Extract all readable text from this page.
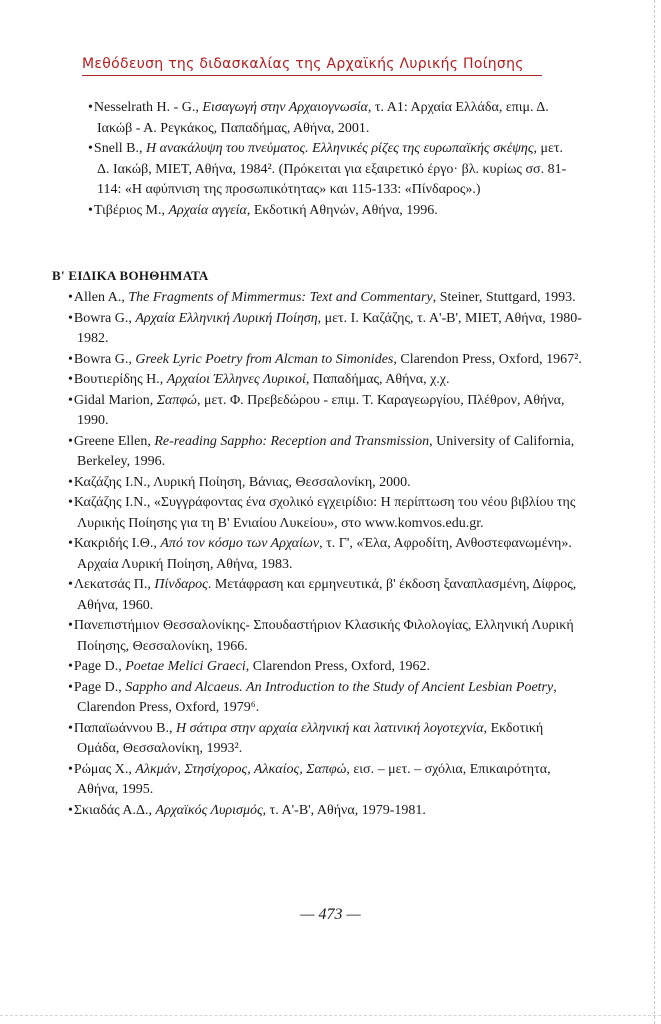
Μεθόδευση της διδασκαλίας της Αρχαϊκής Λυρικής Ποίησης
• Nesselrath H. - G., Εισαγωγή στην Αρχαιογνωσία, τ. Α1: Αρχαία Ελλάδα, επιμ. Δ. Ιακώβ - Α. Ρεγκάκος, Παπαδήμας, Αθήνα, 2001.
• Snell B., Η ανακάλυψη του πνεύματος. Ελληνικές ρίζες της ευρωπαϊκής σκέψης, μετ. Δ. Ιακώβ, ΜΙΕΤ, Αθήνα, 1984². (Πρόκειται για εξαιρετικό έργο· βλ. κυρίως σσ. 81-114: «Η αφύπνιση της προσωπικότητας» και 115-133: «Πίνδαρος».)
• Τιβέριος Μ., Αρχαία αγγεία, Εκδοτική Αθηνών, Αθήνα, 1996.
Β' ΕΙΔΙΚΑ ΒΟΗΘΗΜΑΤΑ
• Allen A., The Fragments of Mimmermus: Text and Commentary, Steiner, Stuttgard, 1993.
• Bowra G., Αρχαία Ελληνική Λυρική Ποίηση, μετ. Ι. Καζάζης, τ. Α'-Β', ΜΙΕΤ, Αθήνα, 1980-1982.
• Bowra G., Greek Lyric Poetry from Alcman to Simonides, Clarendon Press, Oxford, 1967².
• Βουτιερίδης Η., Αρχαίοι Έλληνες Λυρικοί, Παπαδήμας, Αθήνα, χ.χ.
• Gidal Marion, Σαπφώ, μετ. Φ. Πρεβεδώρου - επιμ. Τ. Καραγεωργίου, Πλέθρον, Αθήνα, 1990.
• Greene Ellen, Re-reading Sappho: Reception and Transmission, University of California, Berkeley, 1996.
• Καζάζης Ι.Ν., Λυρική Ποίηση, Βάνιας, Θεσσαλονίκη, 2000.
• Καζάζης Ι.Ν., «Συγγράφοντας ένα σχολικό εγχειρίδιο: Η περίπτωση του νέου βιβλίου της Λυρικής Ποίησης για τη Β' Ενιαίου Λυκείου», στο www.komvos.edu.gr.
• Κακριδής Ι.Θ., Από τον κόσμο των Αρχαίων, τ. Γ', «Έλα, Αφροδίτη, Ανθοστεφανωμένη». Αρχαία Λυρική Ποίηση, Αθήνα, 1983.
• Λεκατσάς Π., Πίνδαρος. Μετάφραση και ερμηνευτικά, β' έκδοση ξαναπλασμένη, Δίφρος, Αθήνα, 1960.
• Πανεπιστήμιον Θεσσαλονίκης- Σπουδαστήριον Κλασικής Φιλολογίας, Ελληνική Λυρική Ποίησης, Θεσσαλονίκη, 1966.
• Page D., Poetae Melici Graeci, Clarendon Press, Oxford, 1962.
• Page D., Sappho and Alcaeus. An Introduction to the Study of Ancient Lesbian Poetry, Clarendon Press, Oxford, 1979⁶.
• Παπαϊωάννου Β., Η σάτιρα στην αρχαία ελληνική και λατινική λογοτεχνία, Εκδοτική Ομάδα, Θεσσαλονίκη, 1993².
• Ρώμας Χ., Αλκμάν, Στησίχορος, Αλκαίος, Σαπφώ, εισ. – μετ. – σχόλια, Επικαιρότητα, Αθήνα, 1995.
• Σκιαδάς Α.Δ., Αρχαϊκός Λυρισμός, τ. Α'-Β', Αθήνα, 1979-1981.
— 473 —
